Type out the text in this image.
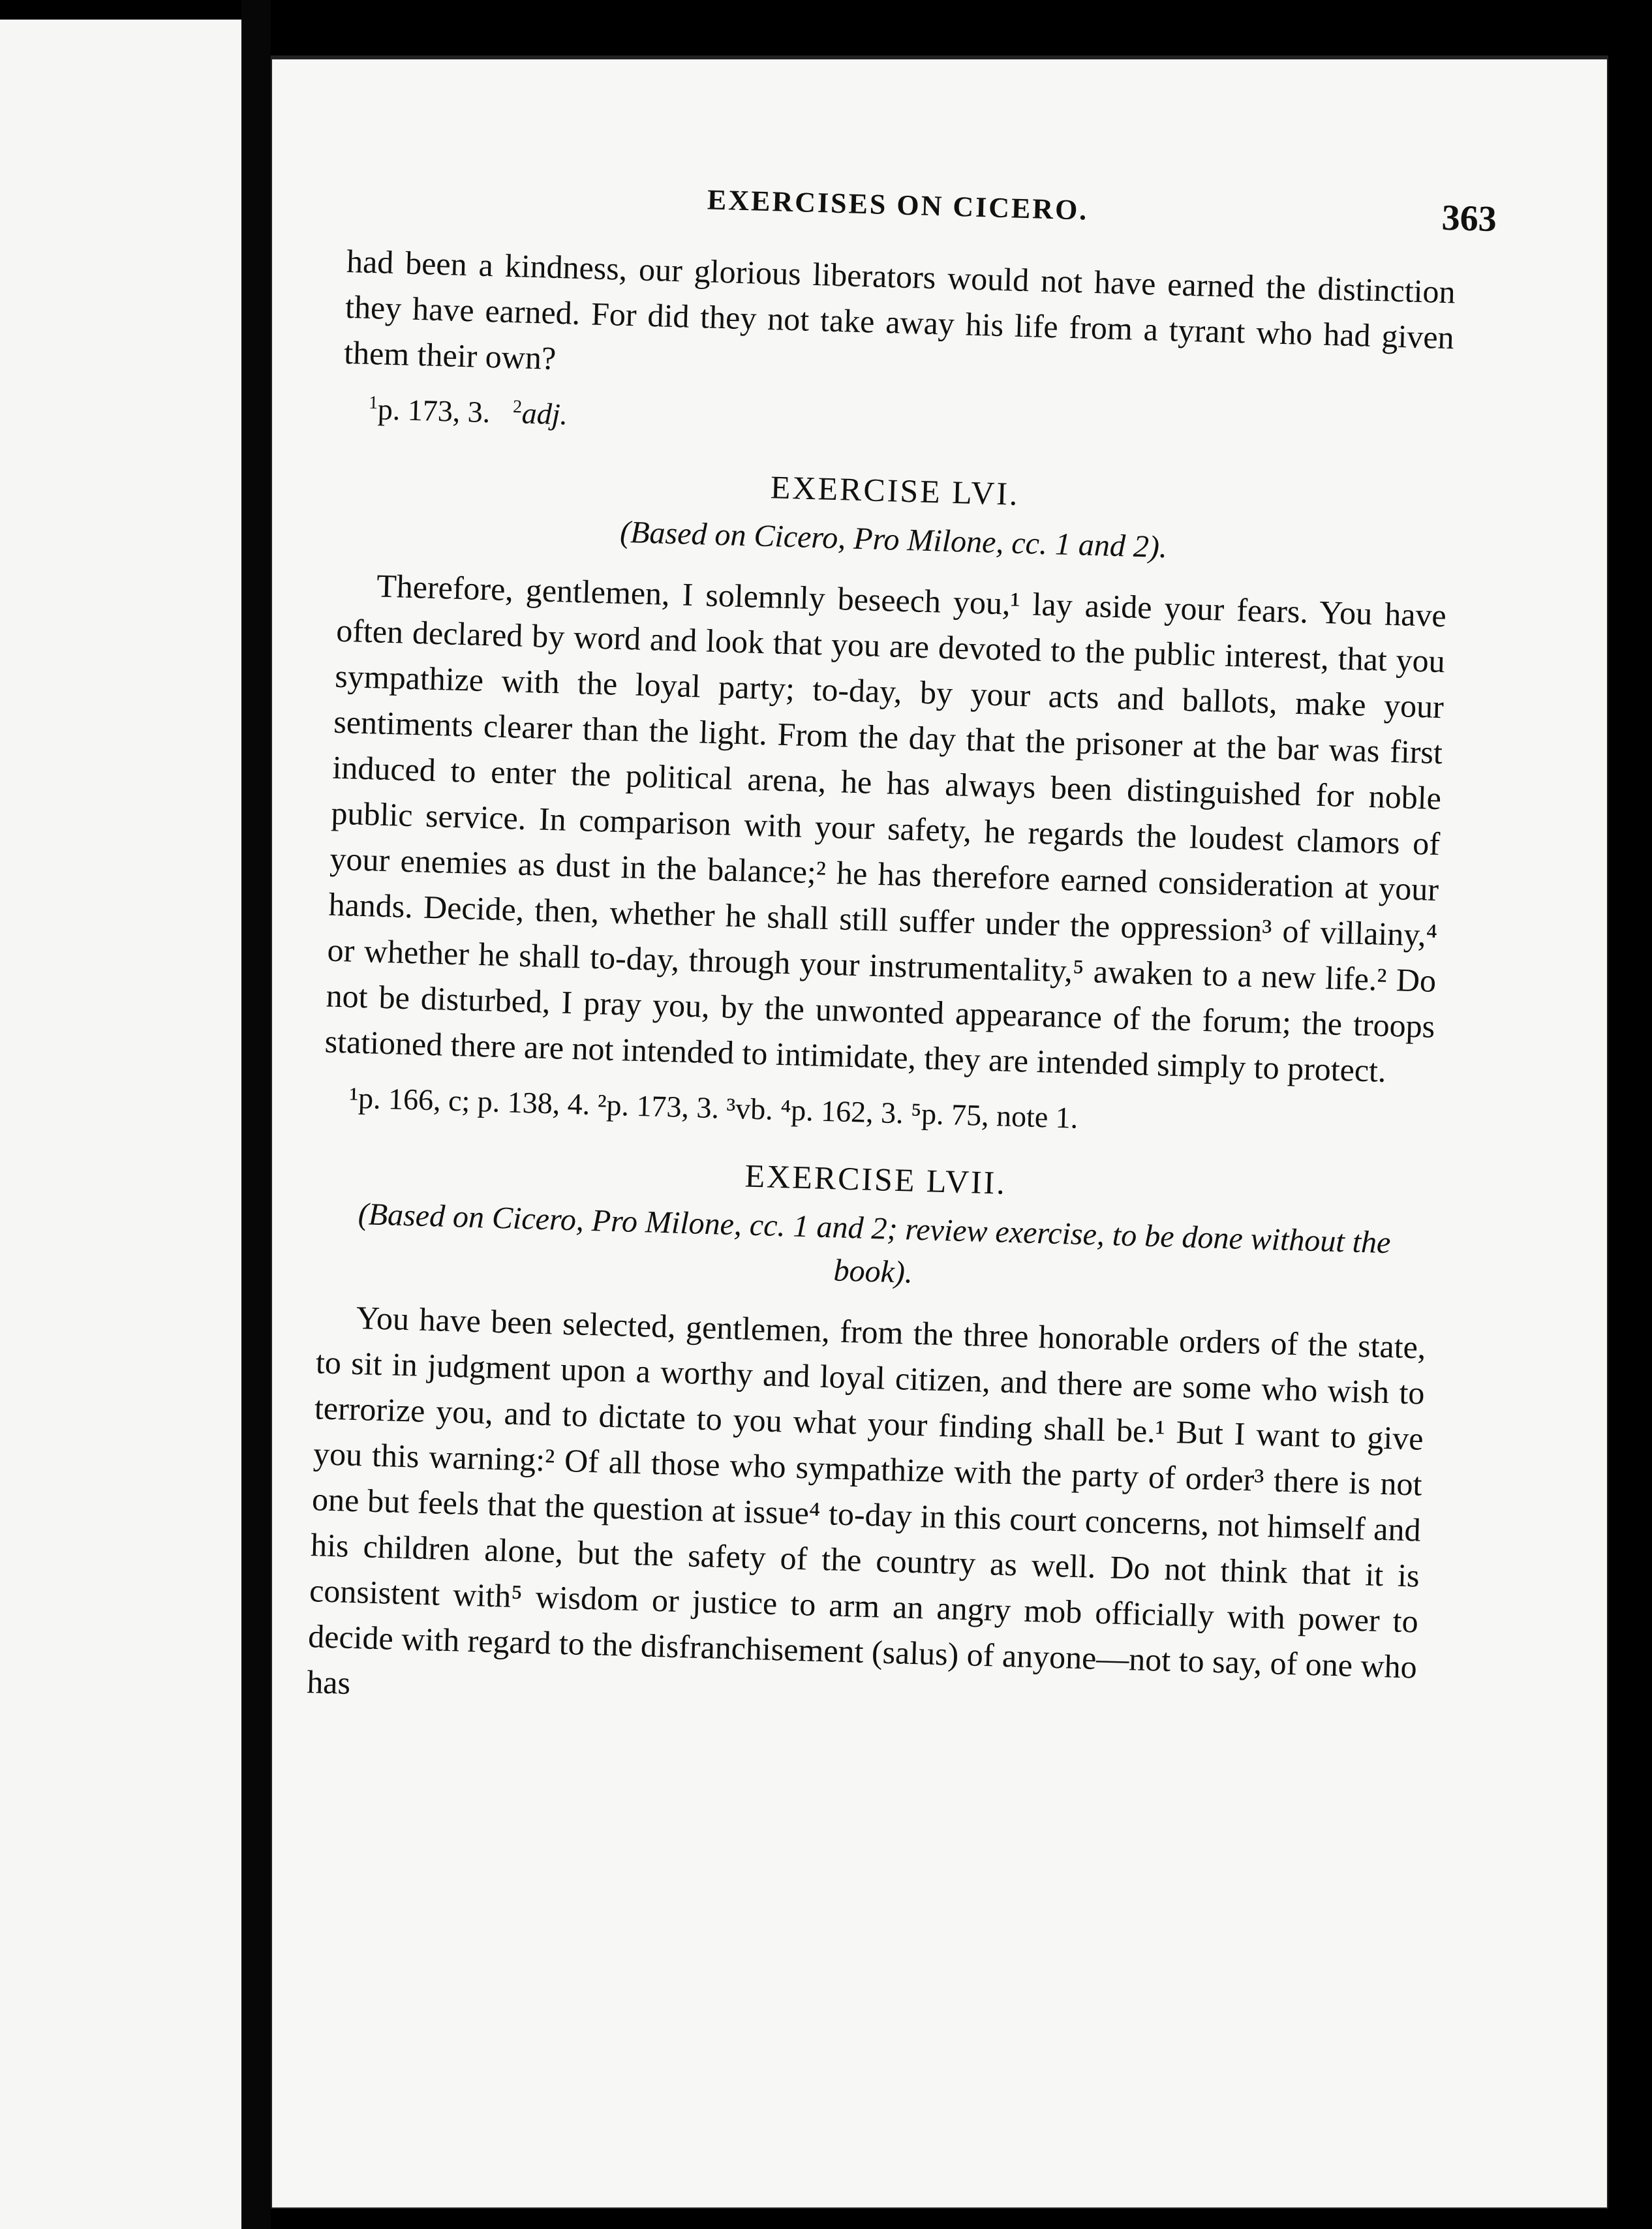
EXERCISES ON CICERO.	363

had been a kindness, our glorious liberators would not have earned the distinction they have earned. For did they not take away his life from a tyrant who had given them their own?

$^1$p. 173, 3. $^2$adj.
EXERCISE LVI.
(Based on Cicero, Pro Milone, cc. 1 and 2).

Therefore, gentlemen, I solemnly beseech you,¹ lay aside your fears. You have often declared by word and look that you are devoted to the public interest, that you sympathize with the loyal party; to-day, by your acts and ballots, make your sentiments clearer than the light. From the day that the prisoner at the bar was first induced to enter the political arena, he has always been distinguished for noble public service. In comparison with your safety, he regards the loudest clamors of your enemies as dust in the balance;² he has therefore earned consideration at your hands. Decide, then, whether he shall still suffer under the oppression³ of villainy,⁴ or whether he shall to-day, through your instrumentality,⁵ awaken to a new life.² Do not be disturbed, I pray you, by the unwonted appearance of the forum; the troops stationed there are not intended to intimidate, they are intended simply to protect.

¹p. 166, c; p. 138, 4. ²p. 173, 3. ³vb. ⁴p. 162, 3. ⁵p. 75, note 1.
EXERCISE LVII.
(Based on Cicero, Pro Milone, cc. 1 and 2; review exercise, to be done without the book).

You have been selected, gentlemen, from the three honorable orders of the state, to sit in judgment upon a worthy and loyal citizen, and there are some who wish to terrorize you, and to dictate to you what your finding shall be.¹ But I want to give you this warning:² Of all those who sympathize with the party of order³ there is not one but feels that the question at issue⁴ to-day in this court concerns, not himself and his children alone, but the safety of the country as well. Do not think that it is consistent with⁵ wisdom or justice to arm an angry mob officially with power to decide with regard to the disfranchisement (salus) of anyone—not to say, of one who has
